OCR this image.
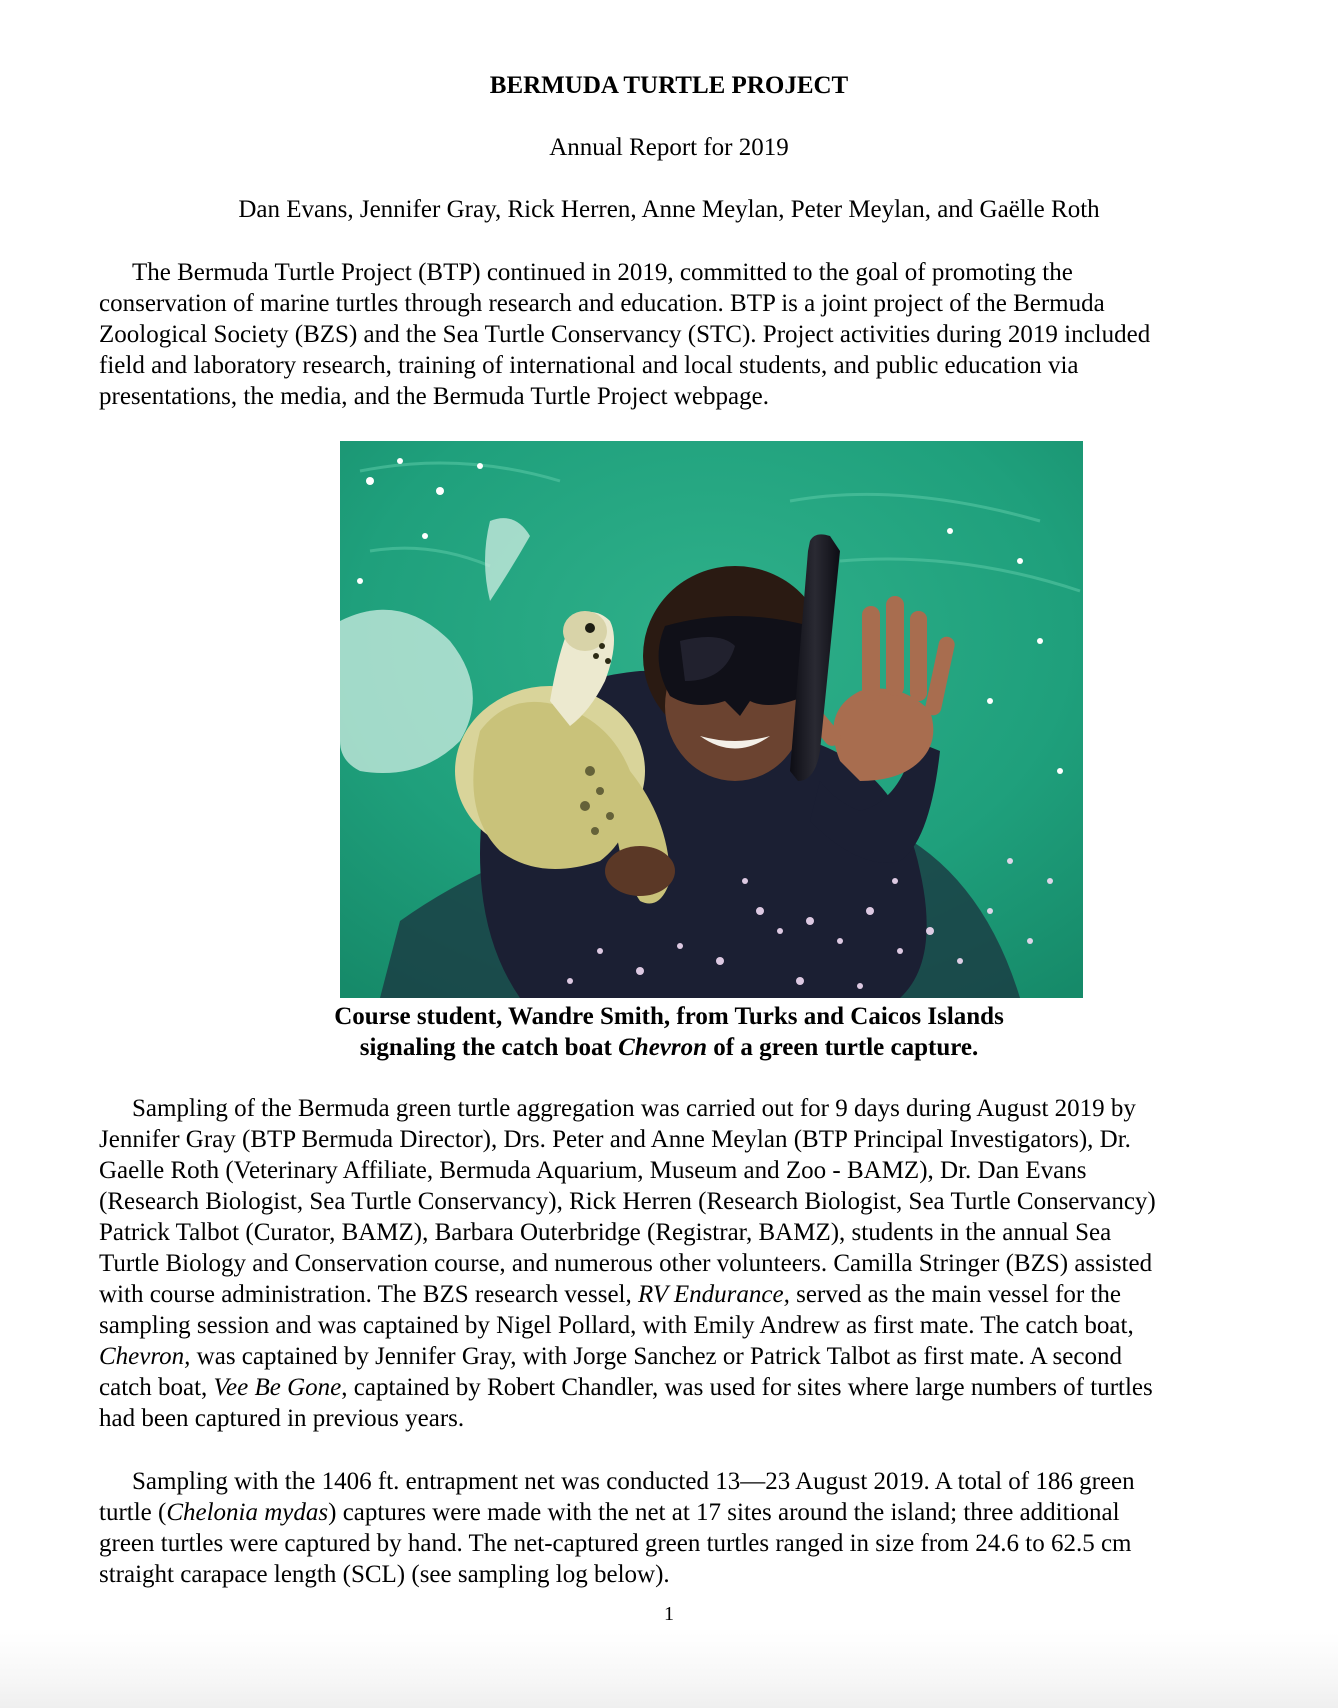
BERMUDA TURTLE PROJECT
Annual Report for 2019
Dan Evans, Jennifer Gray, Rick Herren, Anne Meylan, Peter Meylan, and Gaëlle Roth

The Bermuda Turtle Project (BTP) continued in 2019, committed to the goal of promoting the
conservation of marine turtles through research and education. BTP is a joint project of the Bermuda
Zoological Society (BZS) and the Sea Turtle Conservancy (STC). Project activities during 2019 included
field and laboratory research, training of international and local students, and public education via
presentations, the media, and the Bermuda Turtle Project webpage.

Course student, Wandre Smith, from Turks and Caicos Islands
signaling the catch boat Chevron of a green turtle capture.

Sampling of the Bermuda green turtle aggregation was carried out for 9 days during August 2019 by
Jennifer Gray (BTP Bermuda Director), Drs. Peter and Anne Meylan (BTP Principal Investigators), Dr.
Gaelle Roth (Veterinary Affiliate, Bermuda Aquarium, Museum and Zoo - BAMZ), Dr. Dan Evans
(Research Biologist, Sea Turtle Conservancy), Rick Herren (Research Biologist, Sea Turtle Conservancy)
Patrick Talbot (Curator, BAMZ), Barbara Outerbridge (Registrar, BAMZ), students in the annual Sea
Turtle Biology and Conservation course, and numerous other volunteers. Camilla Stringer (BZS) assisted
with course administration. The BZS research vessel, RV Endurance, served as the main vessel for the
sampling session and was captained by Nigel Pollard, with Emily Andrew as first mate. The catch boat,
Chevron, was captained by Jennifer Gray, with Jorge Sanchez or Patrick Talbot as first mate. A second
catch boat, Vee Be Gone, captained by Robert Chandler, was used for sites where large numbers of turtles
had been captured in previous years.

Sampling with the 1406 ft. entrapment net was conducted 13—23 August 2019. A total of 186 green
turtle (Chelonia mydas) captures were made with the net at 17 sites around the island; three additional
green turtles were captured by hand. The net-captured green turtles ranged in size from 24.6 to 62.5 cm
straight carapace length (SCL) (see sampling log below).

1
